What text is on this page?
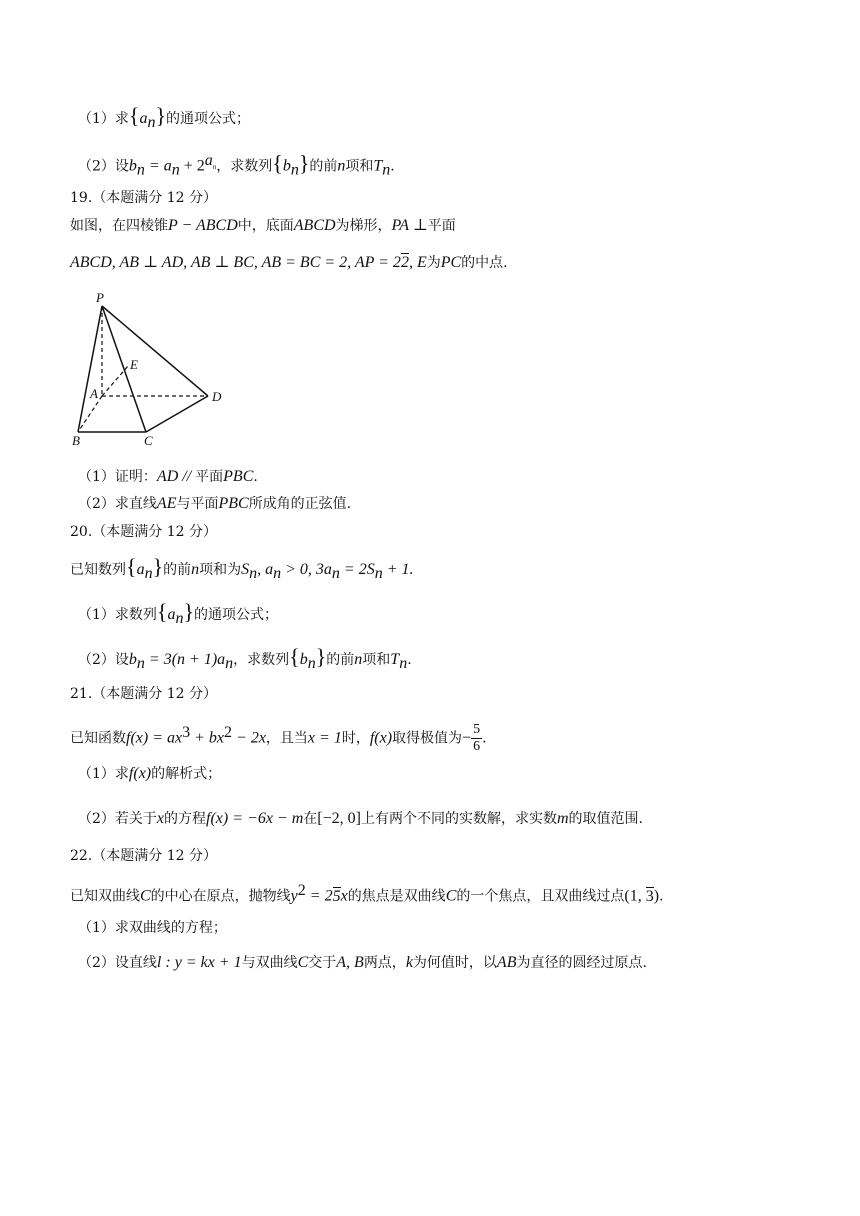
（1）求$\{a_n\}$的通项公式；
（2）设$b_n = a_n + 2^{a_n}$，求数列$\{b_n\}$的前n项和$T_n$.
19.（本题满分 12 分）
如图，在四棱锥P − ABCD中，底面ABCD为梯形，PA ⊥平面
ABCD, AB ⊥ AD, AB ⊥ BC, AB = BC = 2, AP = 22, E为PC的中点.
P
E
A	D
B	C
（1）证明：AD // 平面PBC.
（2）求直线AE与平面PBC所成角的正弦值.
20.（本题满分 12 分）
已知数列$\{a_n\}$的前n项和为$S_n$, $a_n > 0$, $3a_n = 2S_n + 1$.
（1）求数列$\{a_n\}$的通项公式；
（2）设$b_n = 3(n + 1)a_n$，求数列$\{b_n\}$的前n项和$T_n$.
21.（本题满分 12 分）
已知函数$f(x) = ax^3 + bx^2 - 2x$，且当x = 1时，f(x)取得极值为− $\frac{5}{6}$ .
（1）求f(x)的解析式；
（2）若关于x的方程f(x) = −6x − m在[−2, 0]上有两个不同的实数解，求实数m的取值范围.
22.（本题满分 12 分）
已知双曲线C的中心在原点，抛物线$y^2 = 25x$的焦点是双曲线C的一个焦点，且双曲线过点(1, 3).
（1）求双曲线的方程；
（2）设直线l : y = kx + 1与双曲线C交于A, B两点，k为何值时，以AB为直径的圆经过原点.
